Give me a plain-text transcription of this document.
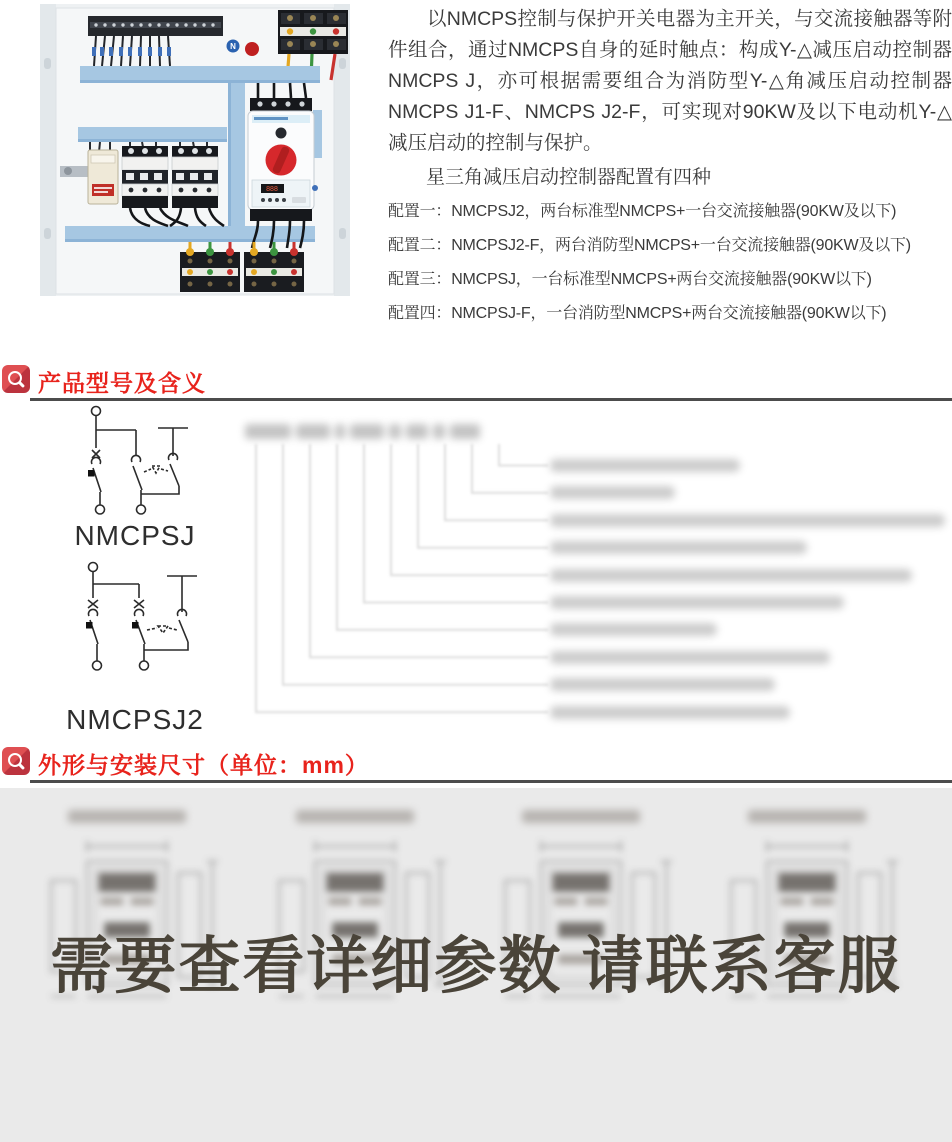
N
888

以NMCPS控制与保护开关电器为主开关，与交流接触器等附件组合，通过NMCPS自身的延时触点：构成Y-△减压启动控制器NMCPS J，亦可根据需要组合为消防型Y-△角减压启动控制器NMCPS J1-F、NMCPS J2-F，可实现对90KW及以下电动机Y-△减压启动的控制与保护。

星三角减压启动控制器配置有四种

配置一：NMCPSJ2，两台标准型NMCPS+一台交流接触器(90KW及以下)
配置二：NMCPSJ2-F，两台消防型NMCPS+一台交流接触器(90KW及以下)
配置三：NMCPSJ，一台标准型NMCPS+两台交流接触器(90KW以下)
配置四：NMCPSJ-F，一台消防型NMCPS+两台交流接触器(90KW以下)
产品型号及含义
NMCPSJ
NMCPSJ2
外形与安装尺寸（单位：mm）
需要查看详细参数 请联系客服
